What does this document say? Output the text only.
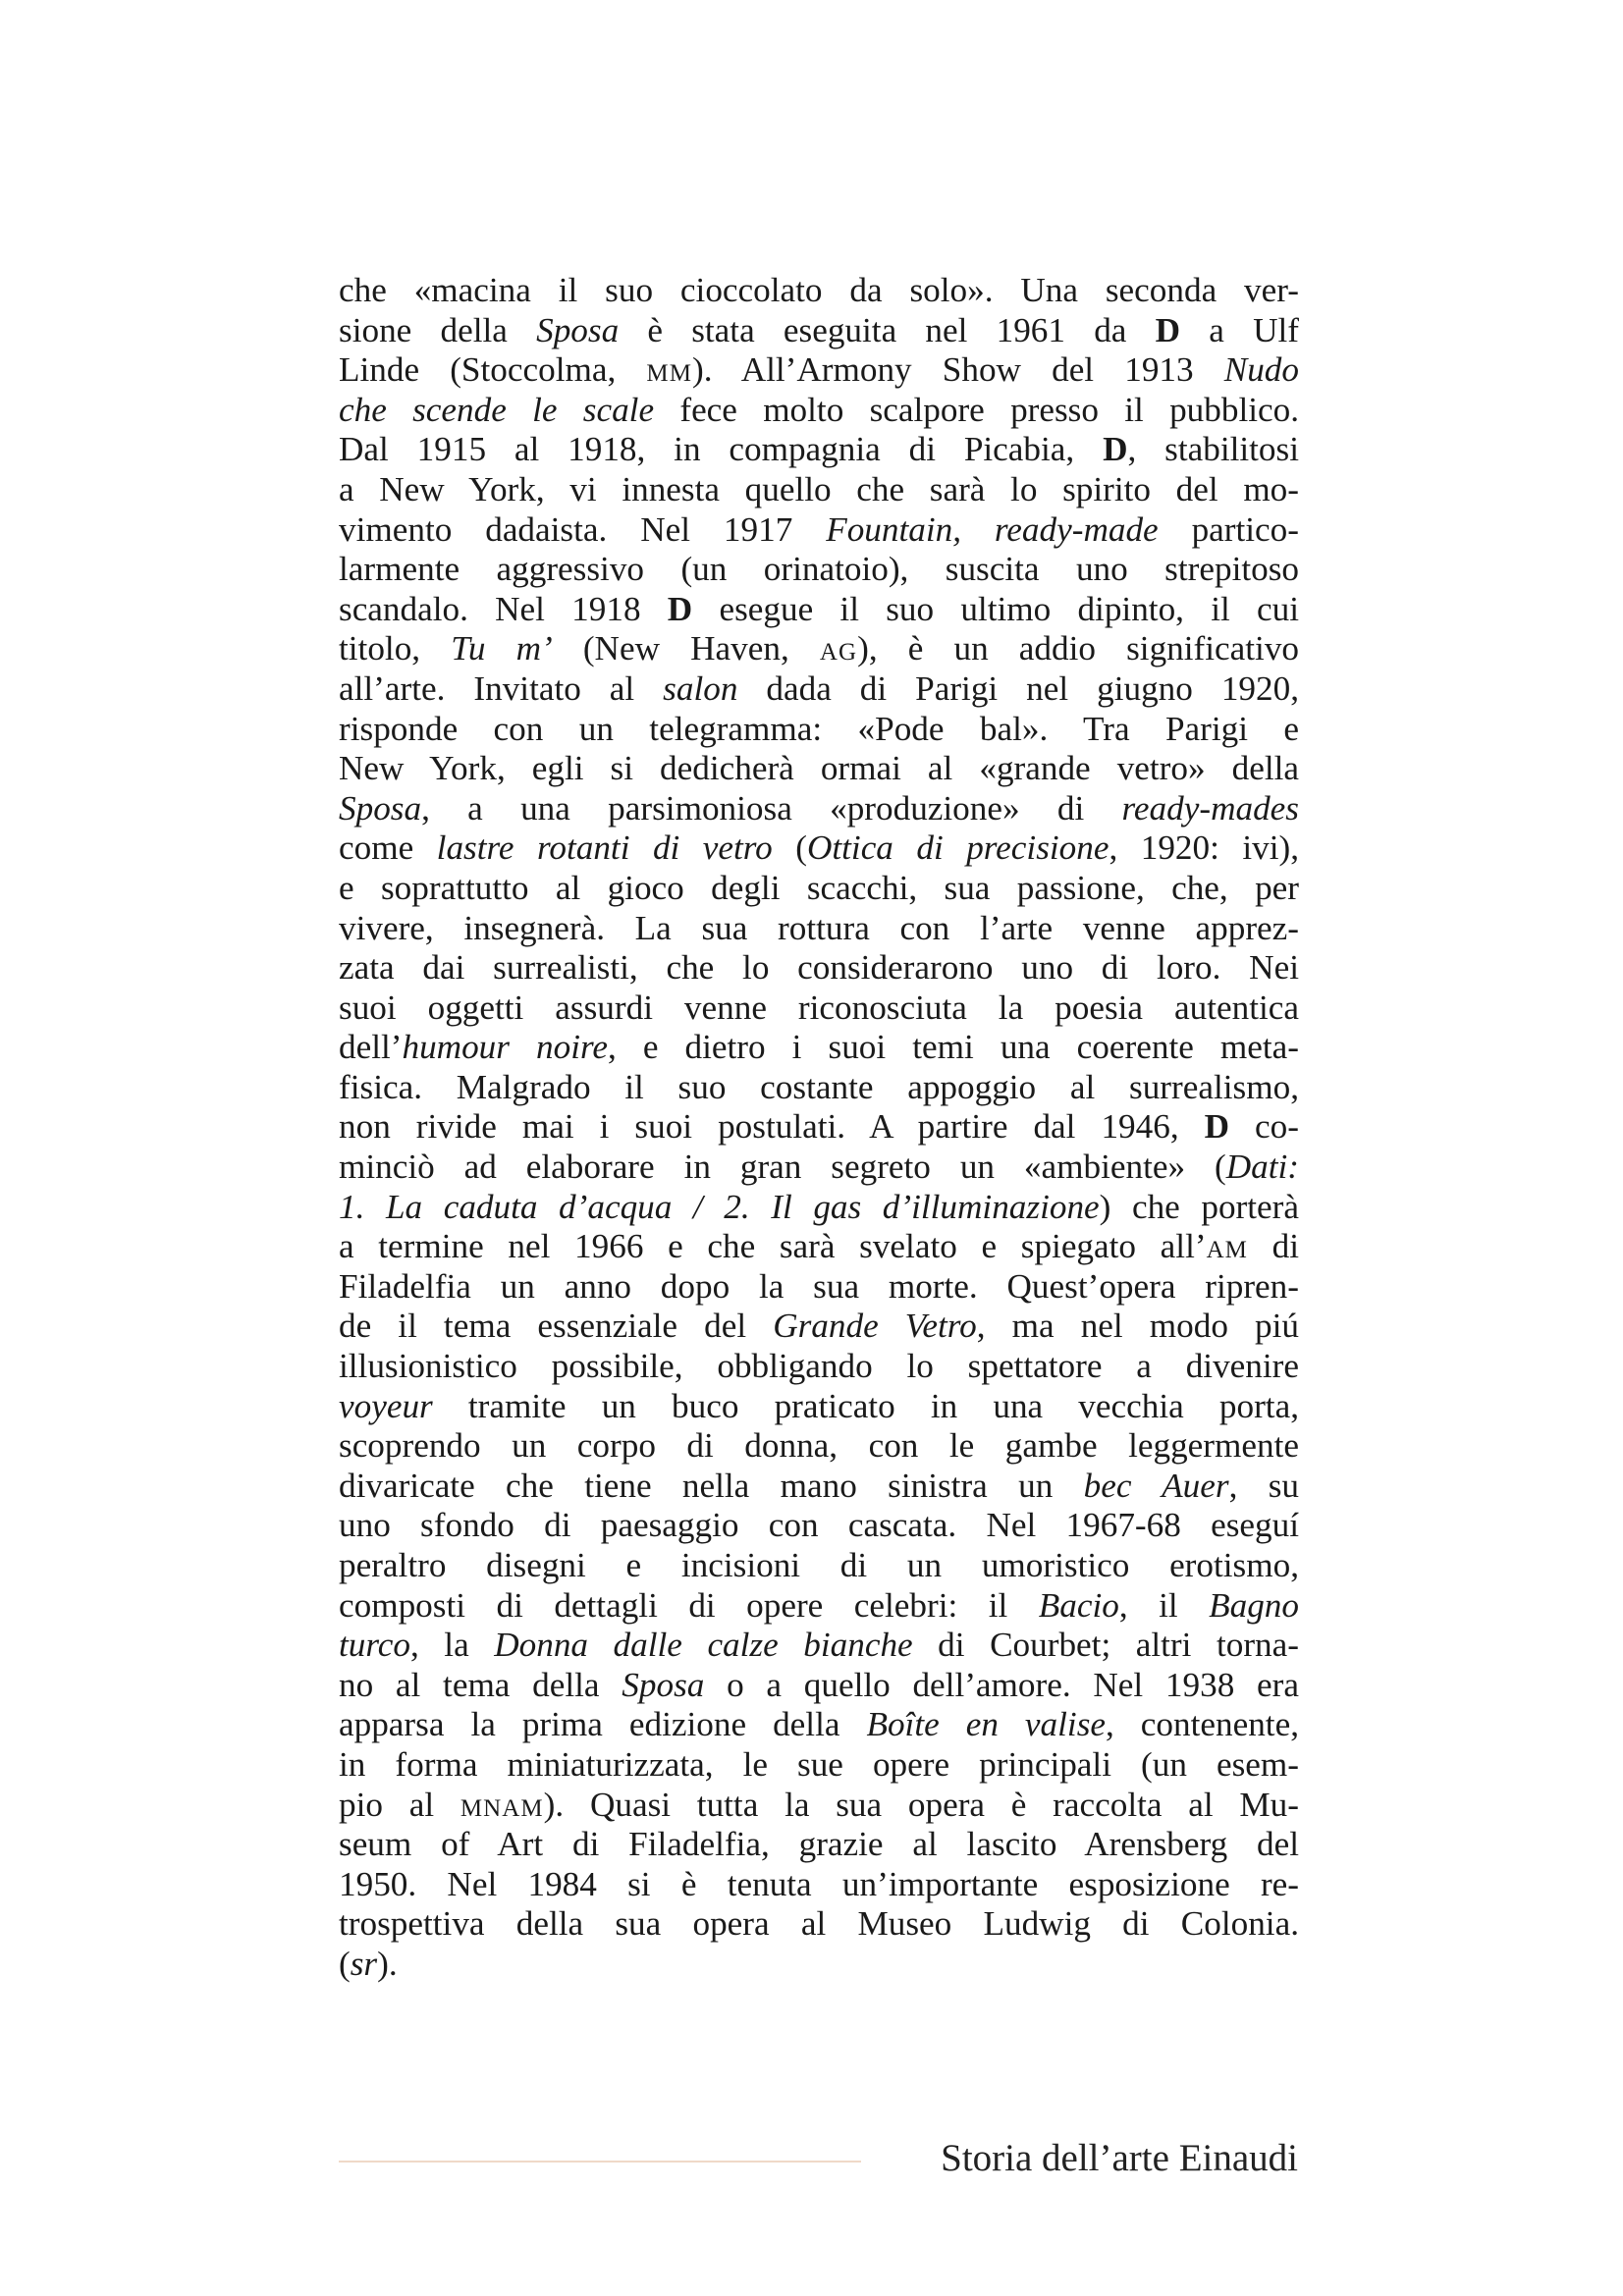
che «macina il suo cioccolato da solo». Una seconda ver-
sione della Sposa è stata eseguita nel 1961 da D a Ulf
Linde (Stoccolma, mm). All’Armony Show del 1913 Nudo
che scende le scale fece molto scalpore presso il pubblico.
Dal 1915 al 1918, in compagnia di Picabia, D, stabilitosi
a New York, vi innesta quello che sarà lo spirito del mo-
vimento dadaista. Nel 1917 Fountain, ready-made partico-
larmente aggressivo (un orinatoio), suscita uno strepitoso
scandalo. Nel 1918 D esegue il suo ultimo dipinto, il cui
titolo, Tu m’ (New Haven, ag), è un addio significativo
all’arte. Invitato al salon dada di Parigi nel giugno 1920,
risponde con un telegramma: «Pode bal». Tra Parigi e
New York, egli si dedicherà ormai al «grande vetro» della
Sposa, a una parsimoniosa «produzione» di ready-mades
come lastre rotanti di vetro (Ottica di precisione, 1920: ivi),
e soprattutto al gioco degli scacchi, sua passione, che, per
vivere, insegnerà. La sua rottura con l’arte venne apprez-
zata dai surrealisti, che lo considerarono uno di loro. Nei
suoi oggetti assurdi venne riconosciuta la poesia autentica
dell’humour noire, e dietro i suoi temi una coerente meta-
fisica. Malgrado il suo costante appoggio al surrealismo,
non rivide mai i suoi postulati. A partire dal 1946, D co-
minciò ad elaborare in gran segreto un «ambiente» (Dati:
1. La caduta d’acqua / 2. Il gas d’illuminazione) che porterà
a termine nel 1966 e che sarà svelato e spiegato all’am di
Filadelfia un anno dopo la sua morte. Quest’opera ripren-
de il tema essenziale del Grande Vetro, ma nel modo piú
illusionistico possibile, obbligando lo spettatore a divenire
voyeur tramite un buco praticato in una vecchia porta,
scoprendo un corpo di donna, con le gambe leggermente
divaricate che tiene nella mano sinistra un bec Auer, su
uno sfondo di paesaggio con cascata. Nel 1967-68 eseguí
peraltro disegni e incisioni di un umoristico erotismo,
composti di dettagli di opere celebri: il Bacio, il Bagno
turco, la Donna dalle calze bianche di Courbet; altri torna-
no al tema della Sposa o a quello dell’amore. Nel 1938 era
apparsa la prima edizione della Boîte en valise, contenente,
in forma miniaturizzata, le sue opere principali (un esem-
pio al mnam). Quasi tutta la sua opera è raccolta al Mu-
seum of Art di Filadelfia, grazie al lascito Arensberg del
1950. Nel 1984 si è tenuta un’importante esposizione re-
trospettiva della sua opera al Museo Ludwig di Colonia.
(sr).
Storia dell’arte Einaudi
